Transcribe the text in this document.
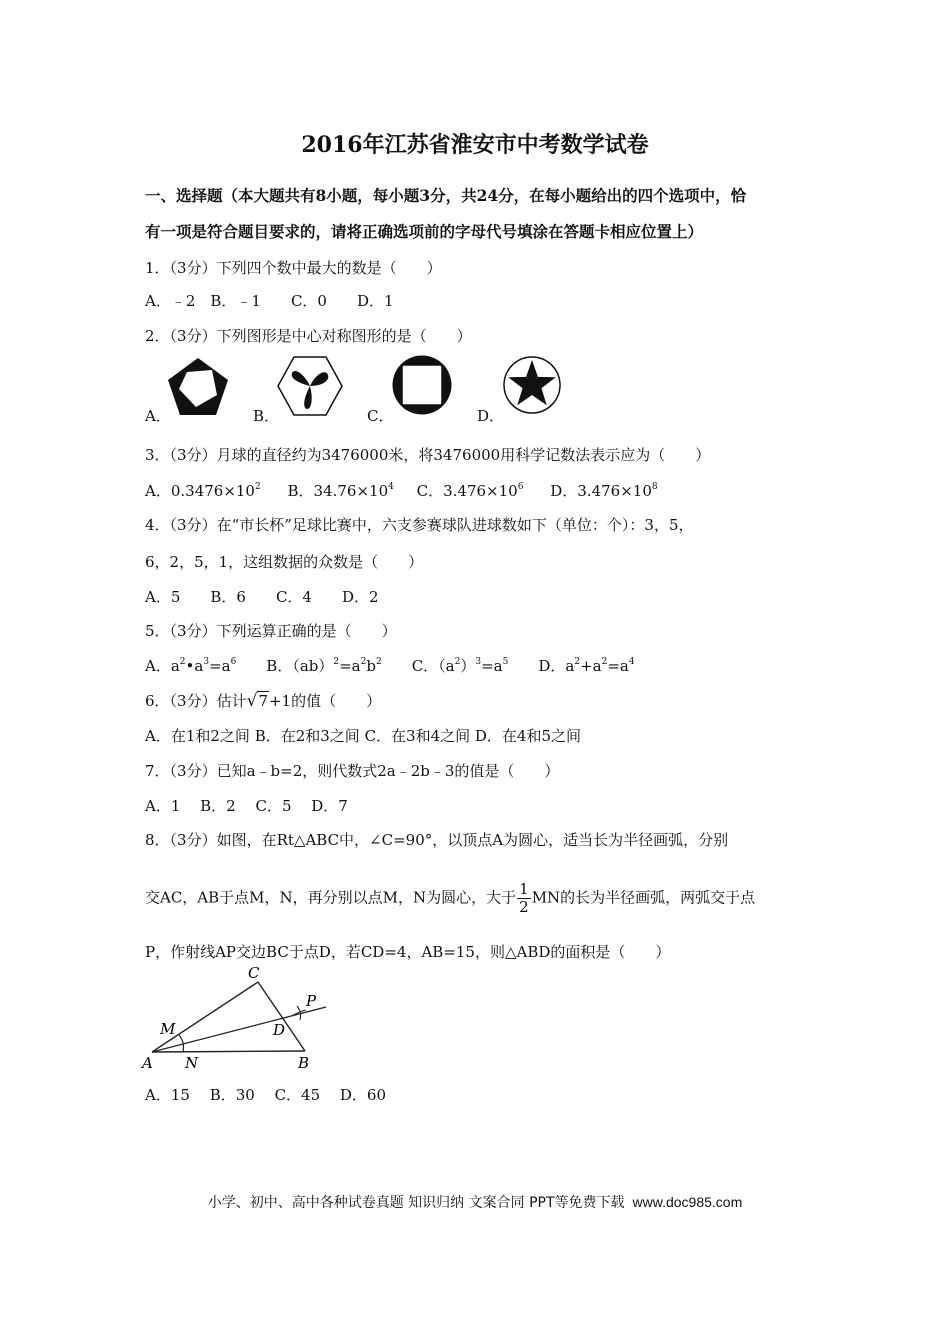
2016年江苏省淮安市中考数学试卷
一、选择题（本大题共有8小题，每小题3分，共24分，在每小题给出的四个选项中，恰
有一项是符合题目要求的，请将正确选项前的字母代号填涂在答题卡相应位置上）
1．（3分）下列四个数中最大的数是（　　）
A．﹣2　B．﹣1　　C．0　　D．1
2．（3分）下列图形是中心对称图形的是（　　）
A．	B．	C．	D．
3．（3分）月球的直径约为3476000米，将3476000用科学记数法表示应为（　　）
A．$0.3476\times 10^2$ B．$34.76\times 10^4$ C．$3.476\times 10^6$ D．$3.476\times 10^8$
4．（3分）在“市长杯”足球比赛中，六支参赛球队进球数如下（单位：个）：3，5，
6，2，5，1，这组数据的众数是（　　）
A．5　　B．6　　C．4　　D．2
5．（3分）下列运算正确的是（　　）
A．$a^2•a^3=a^6$　　B．$(ab)^2=a^2b^2$　　C．$(a^2)^3=a^5$　　D．$a^2+a^2=a^4$
6．（3分）估计√7+1的值（　　）
A．在1和2之间 B．在2和3之间 C．在3和4之间 D．在4和5之间
7．（3分）已知a﹣b=2，则代数式2a﹣2b﹣3的值是（　　）
A．1　 B．2　 C．5　 D．7
8．（3分）如图，在Rt△ABC中，∠C=90°，以顶点A为圆心，适当长为半径画弧，分别
交AC，AB于点M，N，再分别以点M，N为圆心，大于 $\frac{1}{2}$ MN的长为半径画弧，两弧交于点
P，作射线AP交边BC于点D，若CD=4，AB=15，则△ABD的面积是（　　）
C
P
D
M
A N	B
A．15　 B．30　 C．45　 D．60
小学、初中、高中各种试卷真题 知识归纳 文案合同 PPT等免费下载 www.doc985.com
